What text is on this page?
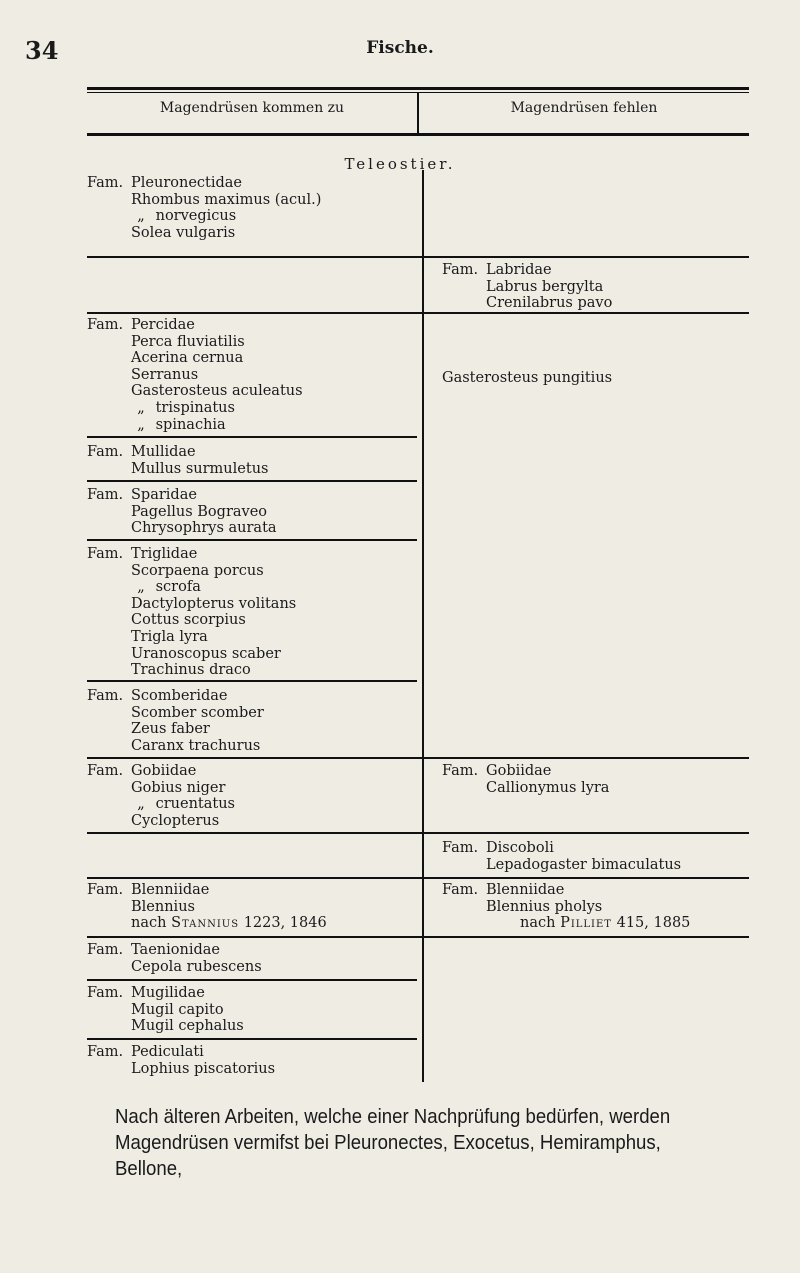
34	Fische.
Magendrüsen kommen zu	Magendrüsen fehlen
Teleostier.
Fam. Pleuronectidae
Rhombus maximus (acul.)
„ norvegicus
Solea vulgaris
Fam. Percidae
Perca fluviatilis
Acerina cernua
Serranus
Gasterosteus aculeatus
„ trispinatus
„ spinachia
Fam. Mullidae
Mullus surmuletus
Fam. Sparidae
Pagellus Bograveo
Chrysophrys aurata
Fam. Triglidae
Scorpaena porcus
„ scrofa
Dactylopterus volitans
Cottus scorpius
Trigla lyra
Uranoscopus scaber
Trachinus draco
Fam. Scomberidae
Scomber scomber
Zeus faber
Caranx trachurus
Fam. Gobiidae
Gobius niger
„ cruentatus
Cyclopterus
Fam. Blenniidae
Blennius
nach Stannius 1223, 1846
Fam. Taenionidae
Cepola rubescens
Fam. Mugilidae
Mugil capito
Mugil cephalus
Fam. Pediculati
Lophius piscatorius
Fam. Labridae
Labrus bergylta
Crenilabrus pavo
Gasterosteus pungitius
Fam. Gobiidae
Callionymus lyra
Fam. Discoboli
Lepadogaster bimaculatus
Fam. Blenniidae
Blennius pholys
nach Pilliet 415, 1885
Nach älteren Arbeiten, welche einer Nachprüfung bedürfen, werden Magendrüsen vermifst bei Pleuronectes, Exocetus, Hemiramphus, Bellone,
